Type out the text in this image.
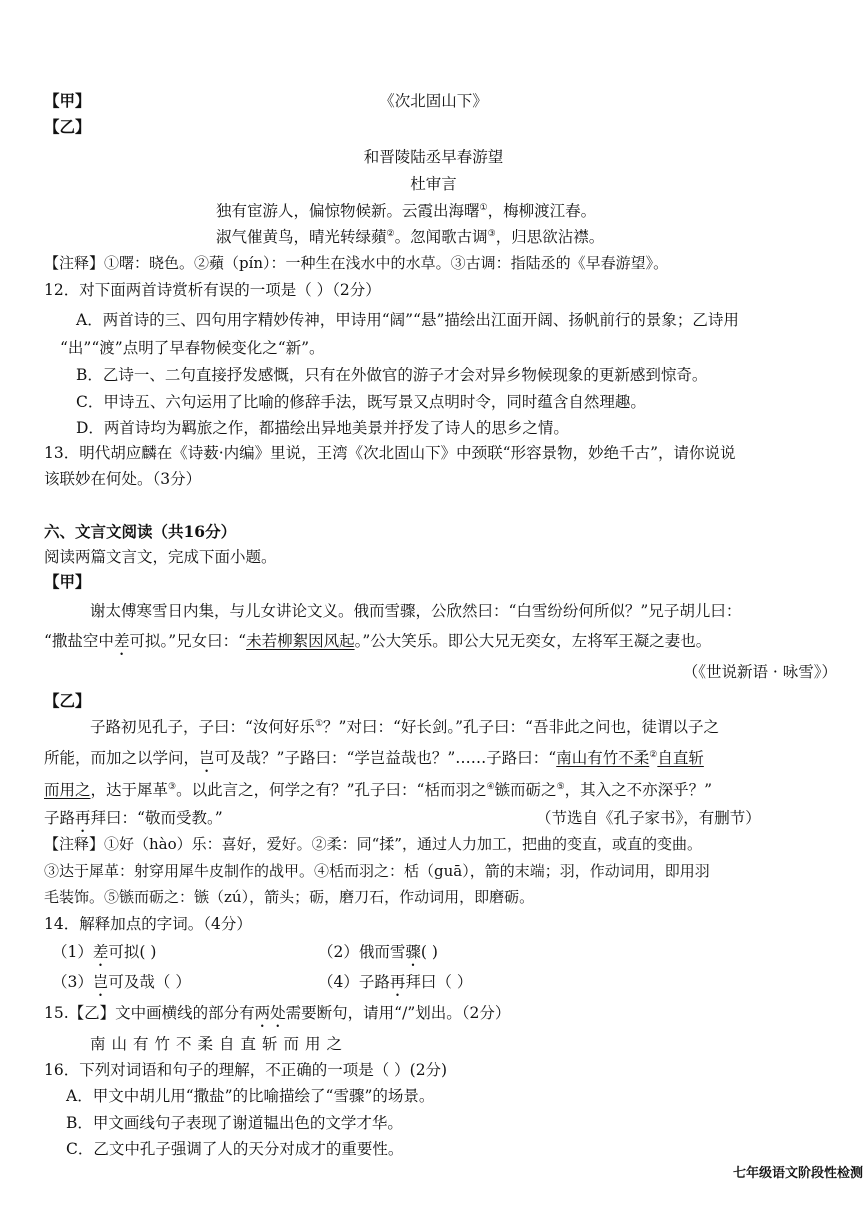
【甲】	《次北固山下》
【乙】
和晋陵陆丞早春游望
杜审言
独有宦游人，偏惊物候新。云霞出海曙①，梅柳渡江春。
淑气催黄鸟，晴光转绿蘋②。忽闻歌古调③，归思欲沾襟。
【注释】①曙：晓色。②蘋（pín）：一种生在浅水中的水草。③古调：指陆丞的《早春游望》。
12．对下面两首诗赏析有误的一项是（ ）（2分）
A．两首诗的三、四句用字精妙传神，甲诗用“阔”“悬”描绘出江面开阔、扬帆前行的景象；乙诗用
“出”“渡”点明了早春物候变化之“新”。
B．乙诗一、二句直接抒发感慨，只有在外做官的游子才会对异乡物候现象的更新感到惊奇。
C．甲诗五、六句运用了比喻的修辞手法，既写景又点明时令，同时蕴含自然理趣。
D．两首诗均为羁旅之作，都描绘出异地美景并抒发了诗人的思乡之情。
13．明代胡应麟在《诗薮·内编》里说，王湾《次北固山下》中颈联“形容景物，妙绝千古”，请你说说
该联妙在何处。（3分）
六、文言文阅读（共16分）
阅读两篇文言文，完成下面小题。
【甲】
谢太傅寒雪日内集，与儿女讲论文义。俄而雪骤，公欣然曰：“白雪纷纷何所似？”兄子胡儿曰：
“撒盐空中差可拟。”兄女曰：“未若柳絮因风起。”公大笑乐。即公大兄无奕女，左将军王凝之妻也。
（《世说新语 · 咏雪》）
【乙】
子路初见孔子，子曰：“汝何好乐①？”对曰：“好长剑。”孔子曰：“吾非此之问也，徒谓以子之
所能，而加之以学问，岂可及哉？”子路曰：“学岂益哉也？”……子路曰：“南山有竹不柔②自直斩
而用之，达于犀革③。以此言之，何学之有？”孔子曰：“栝而羽之④镞而砺之⑤，其入之不亦深乎？”
子路再拜曰：“敬而受教。”	（节选自《孔子家书》，有删节）
【注释】①好（hào）乐：喜好，爱好。②柔：同“揉”，通过人力加工，把曲的变直，或直的变曲。
③达于犀革：射穿用犀牛皮制作的战甲。④栝而羽之：栝（guā），箭的末端；羽，作动词用，即用羽
毛装饰。⑤镞而砺之：镞（zú），箭头；砺，磨刀石，作动词用，即磨砺。
14．解释加点的字词。（4分）
（1）差可拟( )	（2）俄而雪骤( )
（3）岂可及哉（ ）	（4）子路再拜曰（ ）
15.【乙】文中画横线的部分有两处需要断句，请用“/”划出。（2分）
南山有竹不柔自直斩而用之
16．下列对词语和句子的理解，不正确的一项是（ ）(2分)
A．甲文中胡儿用“撒盐”的比喻描绘了“雪骤”的场景。
B．甲文画线句子表现了谢道韫出色的文学才华。
C．乙文中孔子强调了人的天分对成才的重要性。
七年级语文阶段性检测
